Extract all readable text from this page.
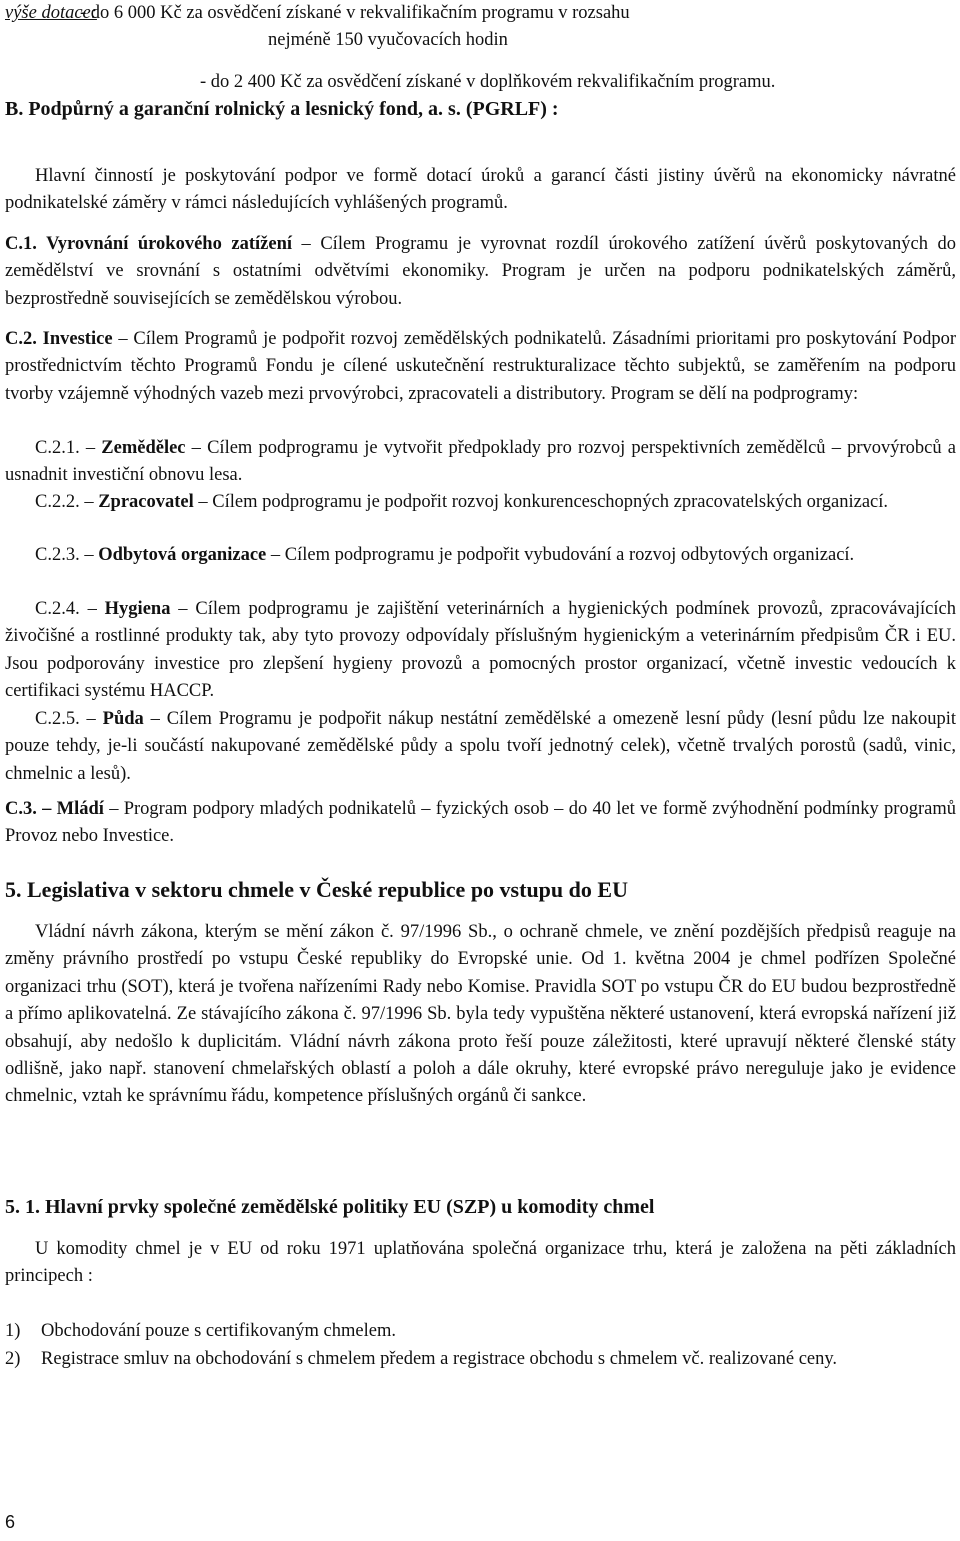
výše dotace:
- do 6 000 Kč za osvědčení získané v rekvalifikačním programu v rozsahu
nejméně 150 vyučovacích hodin
- do 2 400 Kč za osvědčení získané v doplňkovém rekvalifikačním programu.
B. Podpůrný a garanční rolnický a lesnický fond, a. s. (PGRLF) :
Hlavní činností je poskytování podpor ve formě dotací úroků a garancí části jistiny úvěrů na ekonomicky návratné podnikatelské záměry v rámci následujících vyhlášených programů.
C.1. Vyrovnání úrokového zatížení – Cílem Programu je vyrovnat rozdíl úrokového zatížení úvěrů poskytovaných do zemědělství ve srovnání s ostatními odvětvími ekonomiky. Program je určen na podporu podnikatelských záměrů, bezprostředně souvisejících se zemědělskou výrobou.
C.2. Investice – Cílem Programů je podpořit rozvoj zemědělských podnikatelů. Zásadními prioritami pro poskytování Podpor prostřednictvím těchto Programů Fondu je cílené uskutečnění restrukturalizace těchto subjektů, se zaměřením na podporu tvorby vzájemně výhodných vazeb mezi prvovýrobci, zpracovateli a distributory. Program se dělí na podprogramy:
C.2.1. – Zemědělec – Cílem podprogramu je vytvořit předpoklady pro rozvoj perspektivních zemědělců – prvovýrobců a usnadnit investiční obnovu lesa.
C.2.2. – Zpracovatel – Cílem podprogramu je podpořit rozvoj konkurenceschopných zpracovatelských organizací.
C.2.3. – Odbytová organizace – Cílem podprogramu je podpořit vybudování a rozvoj odbytových organizací.
C.2.4. – Hygiena – Cílem podprogramu je zajištění veterinárních a hygienických podmínek provozů, zpracovávajících živočišné a rostlinné produkty tak, aby tyto provozy odpovídaly příslušným hygienickým a veterinárním předpisům ČR i EU. Jsou podporovány investice pro zlepšení hygieny provozů a pomocných prostor organizací, včetně investic vedoucích k certifikaci systému HACCP.
C.2.5. – Půda – Cílem Programu je podpořit nákup nestátní zemědělské a omezeně lesní půdy (lesní půdu lze nakoupit pouze tehdy, je-li součástí nakupované zemědělské půdy a spolu tvoří jednotný celek), včetně trvalých porostů (sadů, vinic, chmelnic a lesů).
C.3. – Mládí – Program podpory mladých podnikatelů – fyzických osob – do 40 let ve formě zvýhodnění podmínky programů Provoz nebo Investice.
5. Legislativa v sektoru chmele v České republice po vstupu do EU
Vládní návrh zákona, kterým se mění zákon č. 97/1996 Sb., o ochraně chmele, ve znění pozdějších předpisů reaguje na změny právního prostředí po vstupu České republiky do Evropské unie. Od 1. května 2004 je chmel podřízen Společné organizaci trhu (SOT), která je tvořena nařízeními Rady nebo Komise. Pravidla SOT po vstupu ČR do EU budou bezprostředně a přímo aplikovatelná. Ze stávajícího zákona č. 97/1996 Sb. byla tedy vypuštěna některé ustanovení, která evropská nařízení již obsahují, aby nedošlo k duplicitám. Vládní návrh zákona proto řeší pouze záležitosti, které upravují některé členské státy odlišně, jako např. stanovení chmelařských oblastí a poloh a dále okruhy, které evropské právo nereguluje jako je evidence chmelnic, vztah ke správnímu řádu, kompetence příslušných orgánů či sankce.
5. 1. Hlavní prvky společné zemědělské politiky EU (SZP) u komodity chmel
U komodity chmel je v EU od roku 1971 uplatňována společná organizace trhu, která je založena na pěti základních principech :
1) Obchodování pouze s certifikovaným chmelem.
2) Registrace smluv na obchodování s chmelem předem a registrace obchodu s chmelem vč. realizované ceny.
6
